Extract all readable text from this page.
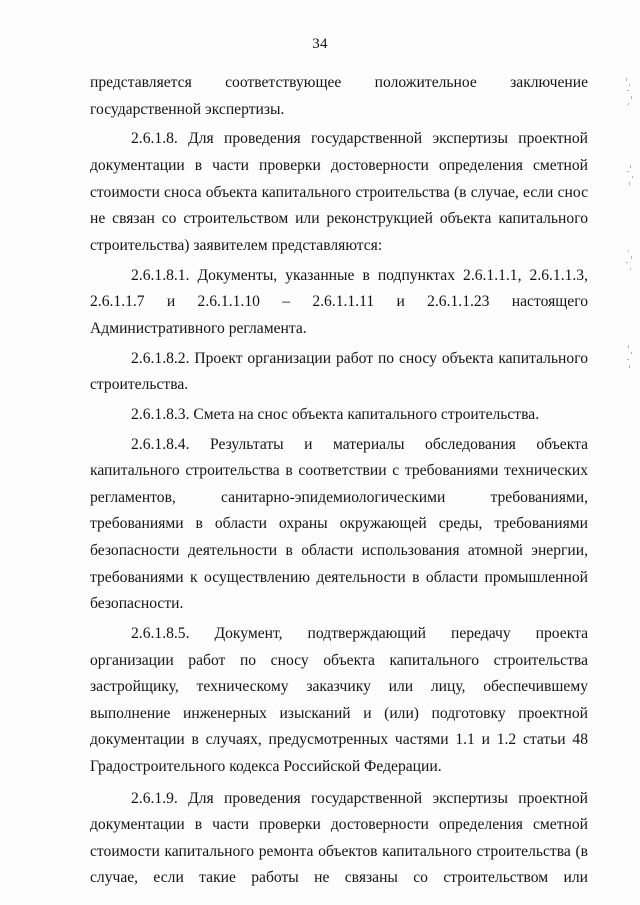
34

представляется соответствующее положительное заключение государственной экспертизы.

2.6.1.8. Для проведения государственной экспертизы проектной документации в части проверки достоверности определения сметной стоимости сноса объекта капитального строительства (в случае, если снос не связан со строительством или реконструкцией объекта капитального строительства) заявителем представляются:

2.6.1.8.1. Документы, указанные в подпунктах 2.6.1.1.1, 2.6.1.1.3, 2.6.1.1.7 и 2.6.1.1.10 – 2.6.1.1.11 и 2.6.1.1.23 настоящего Административного регламента.

2.6.1.8.2. Проект организации работ по сносу объекта капитального строительства.

2.6.1.8.3. Смета на снос объекта капитального строительства.

2.6.1.8.4. Результаты и материалы обследования объекта капитального строительства в соответствии с требованиями технических регламентов, санитарно-эпидемиологическими требованиями, требованиями в области охраны окружающей среды, требованиями безопасности деятельности в области использования атомной энергии, требованиями к осуществлению деятельности в области промышленной безопасности.

2.6.1.8.5. Документ, подтверждающий передачу проекта организации работ по сносу объекта капитального строительства застройщику, техническому заказчику или лицу, обеспечившему выполнение инженерных изысканий и (или) подготовку проектной документации в случаях, предусмотренных частями 1.1 и 1.2 статьи 48 Градостроительного кодекса Российской Федерации.

2.6.1.9. Для проведения государственной экспертизы проектной документации в части проверки достоверности определения сметной стоимости капитального ремонта объектов капитального строительства (в случае, если такие работы не связаны со строительством или
